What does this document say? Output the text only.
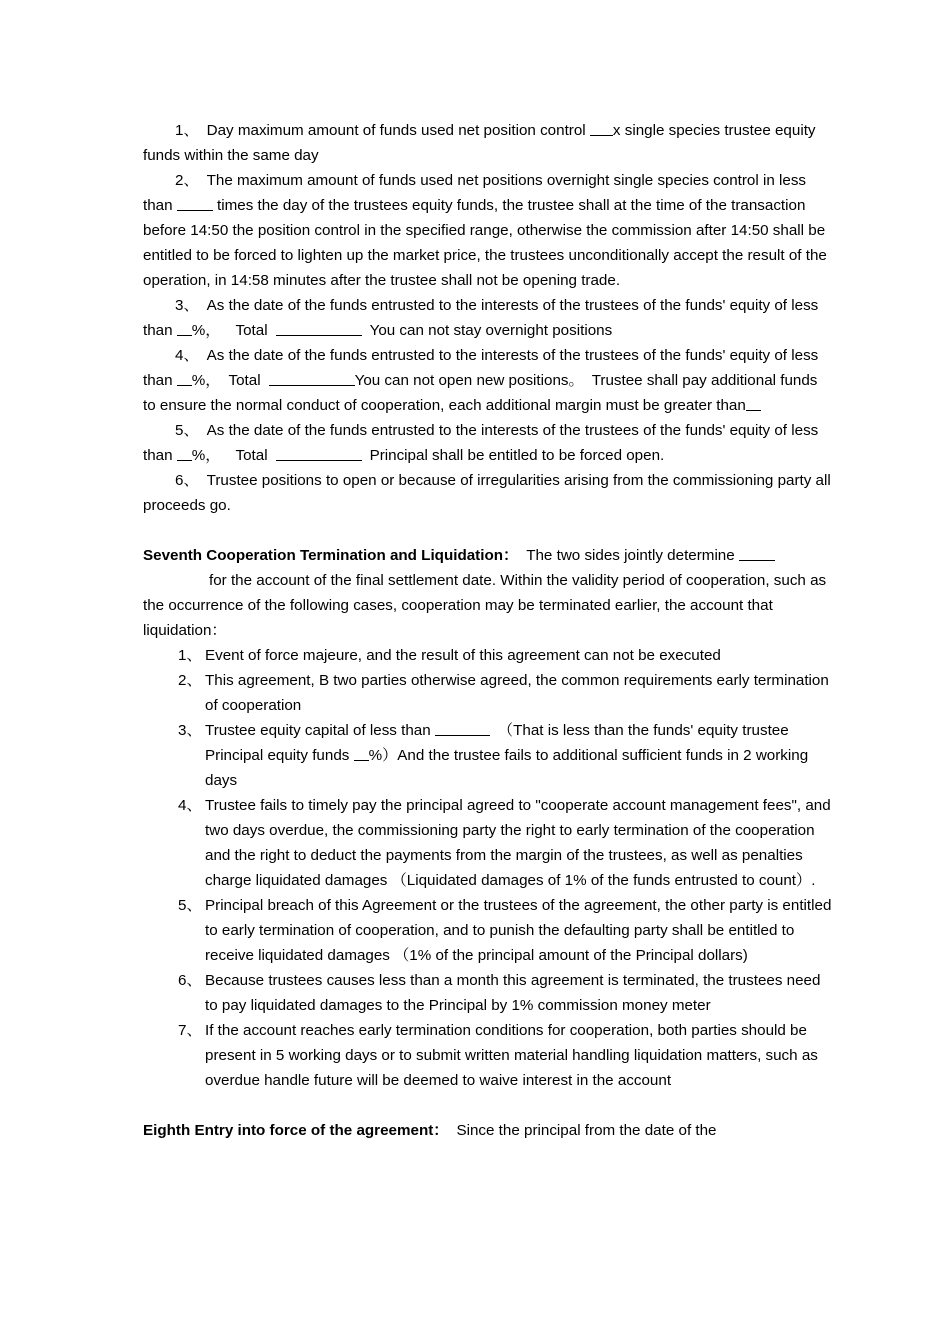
1、 Day maximum amount of funds used net position control x single species trustee equity funds within the same day

2、 The maximum amount of funds used net positions overnight single species control in less than  times the day of the trustees equity funds, the trustee shall at the time of the transaction before 14:50 the position control in the specified range, otherwise the commission after 14:50 shall be entitled to be forced to lighten up the market price, the trustees unconditionally accept the result of the operation, in 14:58 minutes after the trustee shall not be opening trade.

3、 As the date of the funds entrusted to the interests of the trustees of the funds' equity of less than %， Total	You can not stay overnight positions

4、 As the date of the funds entrusted to the interests of the trustees of the funds' equity of less than %， Total	You can not open new positions。 Trustee shall pay additional funds to ensure the normal conduct of cooperation, each additional margin must be greater than

5、 As the date of the funds entrusted to the interests of the trustees of the funds' equity of less than %， Total	Principal shall be entitled to be forced open.

6、 Trustee positions to open or because of irregularities arising from the commissioning party all proceeds go.

Seventh Cooperation Termination and Liquidation： The two sides jointly determine
for the account of the final settlement date. Within the validity period of cooperation, such as the occurrence of the following cases, cooperation may be terminated earlier, the account that liquidation：

1、 Event of force majeure, and the result of this agreement can not be executed
2、 This agreement, B two parties otherwise agreed, the common requirements early termination of cooperation
3、 Trustee equity capital of less than	（That is less than the funds' equity trustee Principal equity funds %）And the trustee fails to additional sufficient funds in 2 working days
4、 Trustee fails to timely pay the principal agreed to "cooperate account management fees", and two days overdue, the commissioning party the right to early termination of the cooperation and the right to deduct the payments from the margin of the trustees, as well as penalties charge liquidated damages （Liquidated damages of 1% of the funds entrusted to count）.
5、 Principal breach of this Agreement or the trustees of the agreement, the other party is entitled to early termination of cooperation, and to punish the defaulting party shall be entitled to receive liquidated damages （1% of the principal amount of the Principal dollars)
6、 Because trustees causes less than a month this agreement is terminated, the trustees need to pay liquidated damages to the Principal by 1% commission money meter
7、 If the account reaches early termination conditions for cooperation, both parties should be present in 5 working days or to submit written material handling liquidation matters, such as overdue handle future will be deemed to waive interest in the account

Eighth Entry into force of the agreement： Since the principal from the date of the
